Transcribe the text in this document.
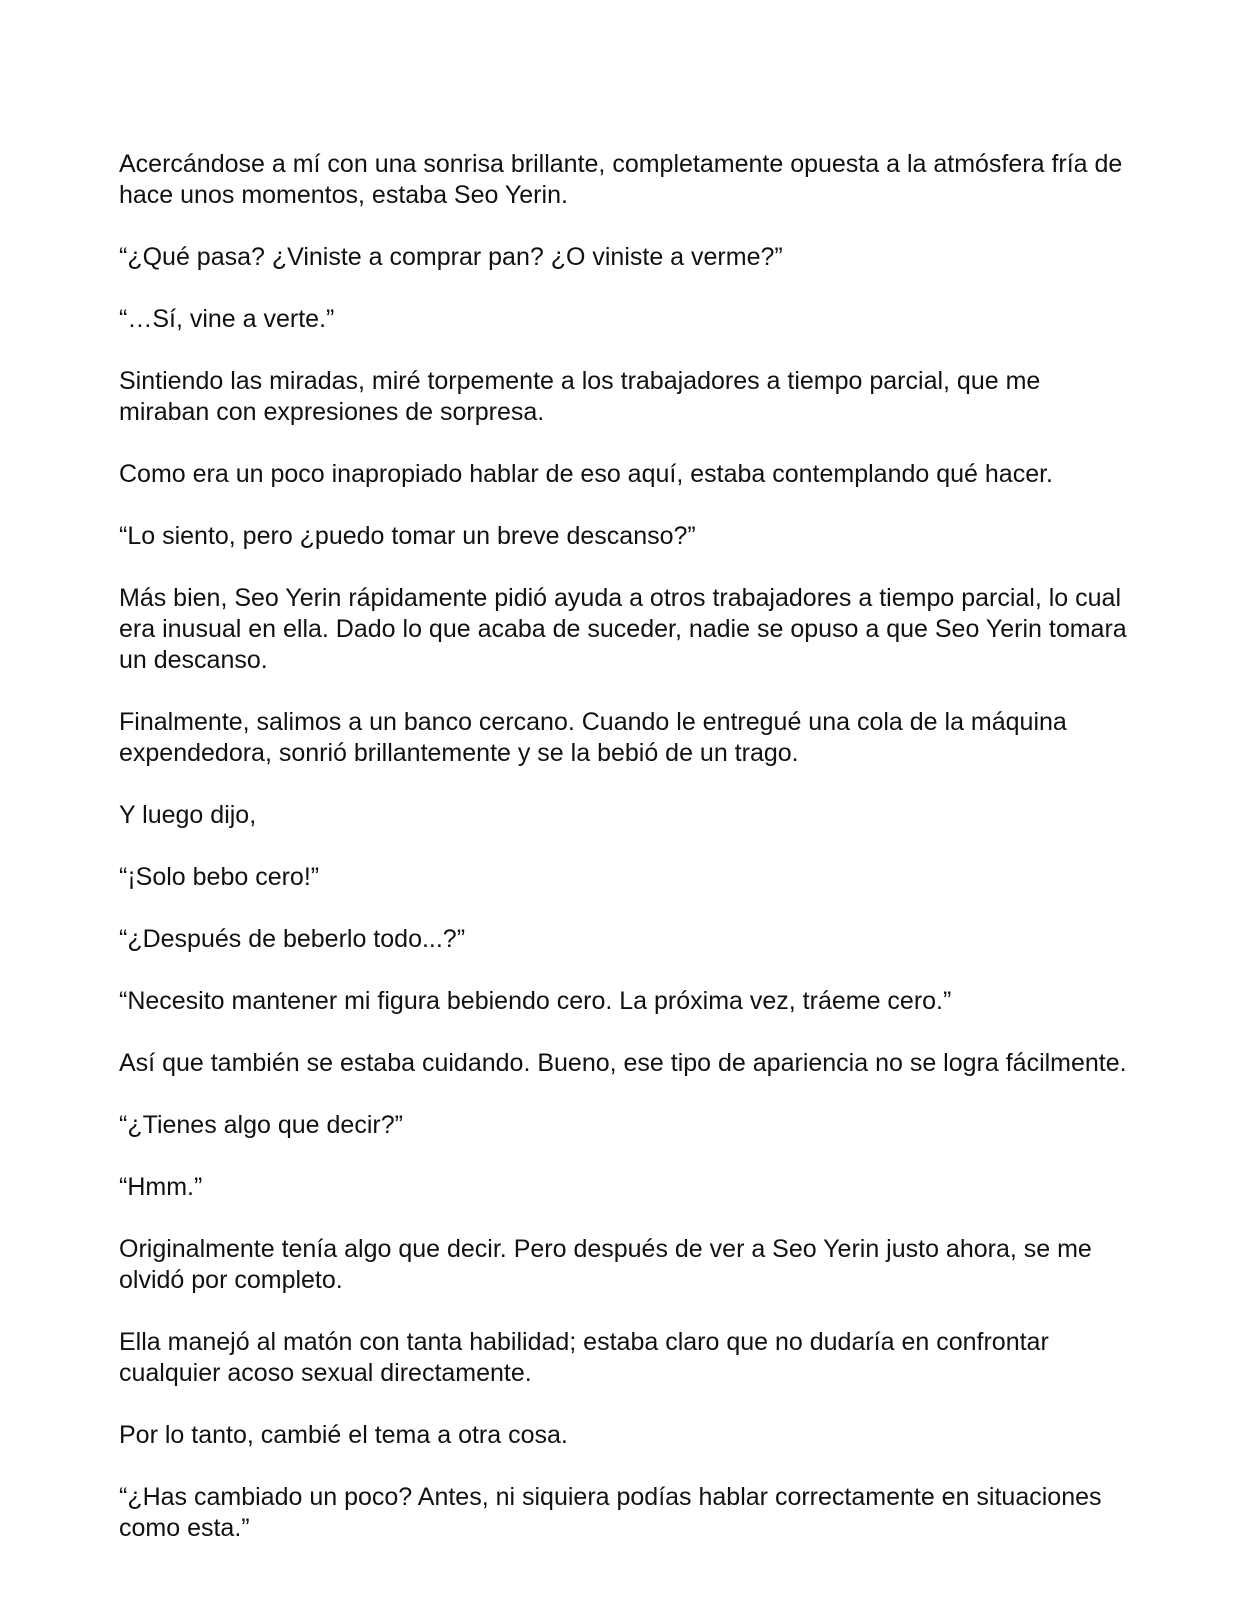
Acercándose a mí con una sonrisa brillante, completamente opuesta a la atmósfera fría de hace unos momentos, estaba Seo Yerin.

“¿Qué pasa? ¿Viniste a comprar pan? ¿O viniste a verme?”

“…Sí, vine a verte.”

Sintiendo las miradas, miré torpemente a los trabajadores a tiempo parcial, que me miraban con expresiones de sorpresa.

Como era un poco inapropiado hablar de eso aquí, estaba contemplando qué hacer.

“Lo siento, pero ¿puedo tomar un breve descanso?”

Más bien, Seo Yerin rápidamente pidió ayuda a otros trabajadores a tiempo parcial, lo cual era inusual en ella. Dado lo que acaba de suceder, nadie se opuso a que Seo Yerin tomara un descanso.

Finalmente, salimos a un banco cercano. Cuando le entregué una cola de la máquina expendedora, sonrió brillantemente y se la bebió de un trago.

Y luego dijo,

“¡Solo bebo cero!”

“¿Después de beberlo todo...?”

“Necesito mantener mi figura bebiendo cero. La próxima vez, tráeme cero.”

Así que también se estaba cuidando. Bueno, ese tipo de apariencia no se logra fácilmente.

“¿Tienes algo que decir?”

“Hmm.”

Originalmente tenía algo que decir. Pero después de ver a Seo Yerin justo ahora, se me olvidó por completo.

Ella manejó al matón con tanta habilidad; estaba claro que no dudaría en confrontar cualquier acoso sexual directamente.

Por lo tanto, cambié el tema a otra cosa.

“¿Has cambiado un poco? Antes, ni siquiera podías hablar correctamente en situaciones como esta.”
